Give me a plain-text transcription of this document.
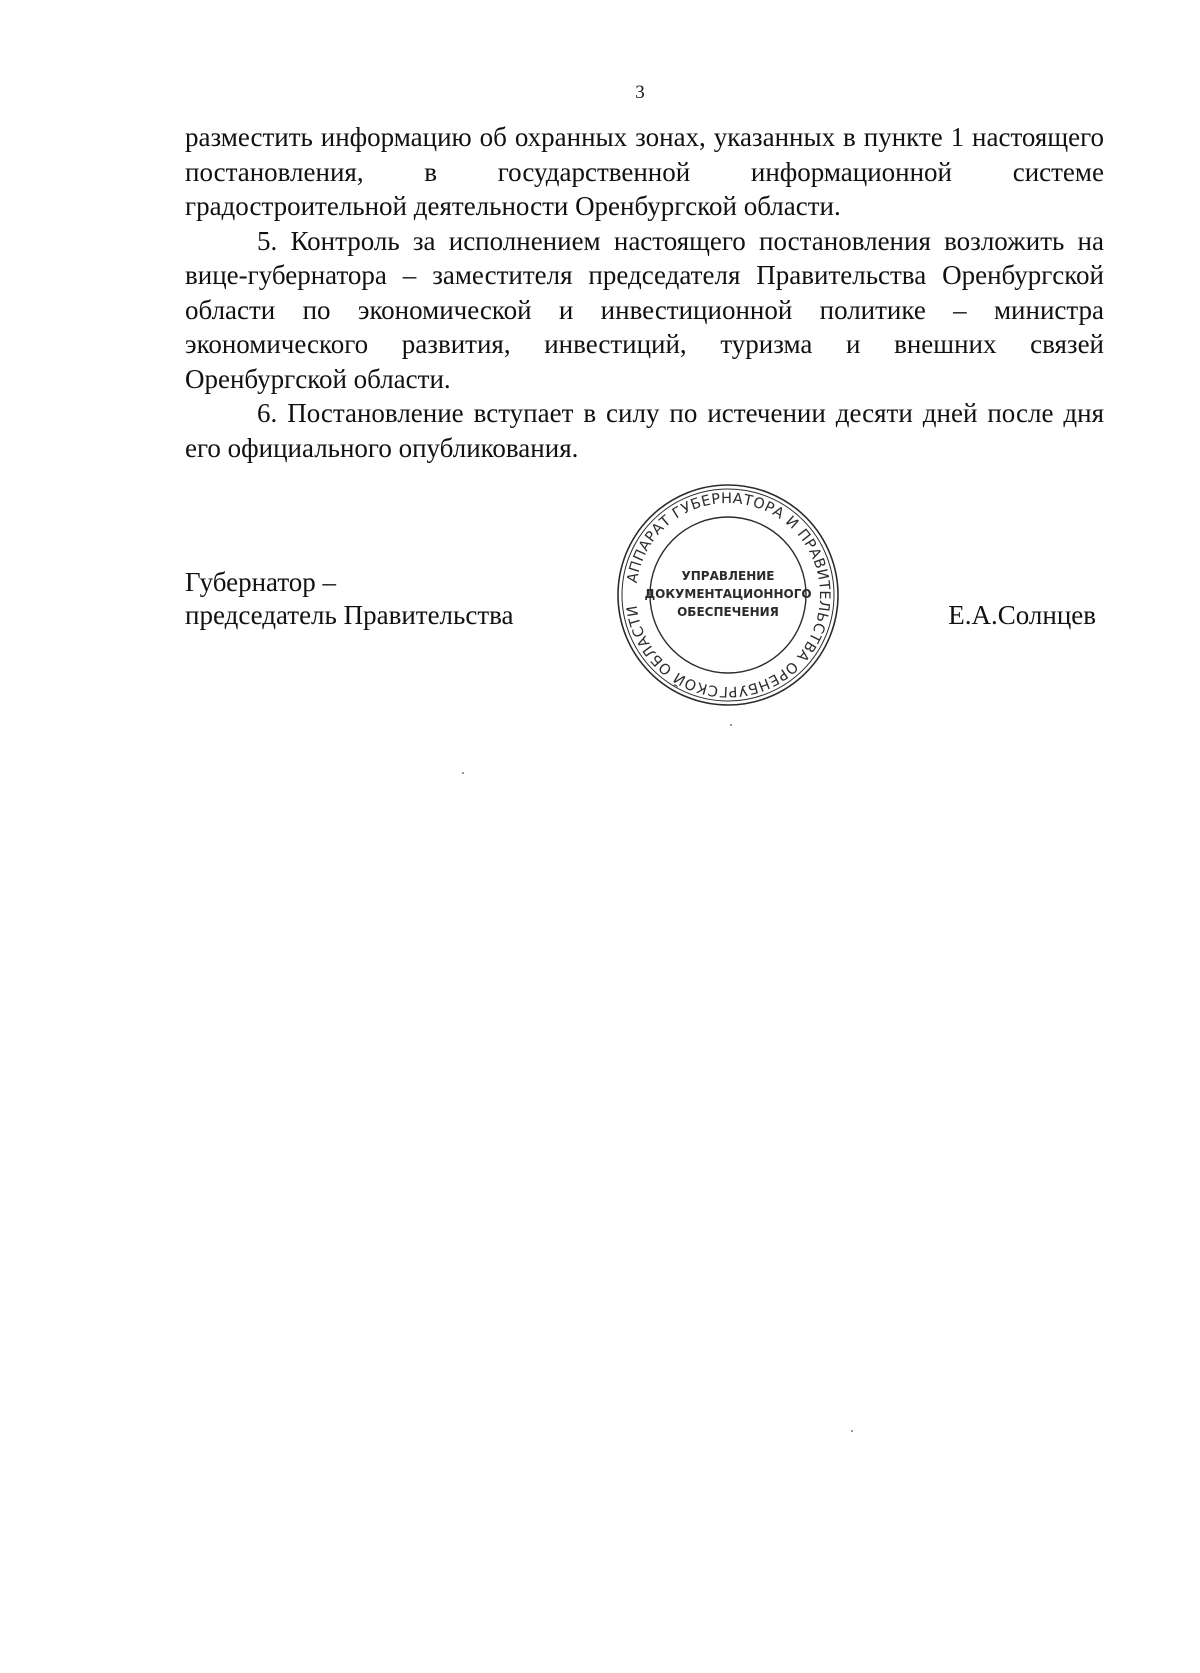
3

разместить информацию об охранных зонах, указанных в пункте 1 настоящего постановления, в государственной информационной системе градостроительной деятельности Оренбургской области.

5. Контроль за исполнением настоящего постановления возложить на вице-губернатора – заместителя председателя Правительства Оренбургской области по экономической и инвестиционной политике – министра экономического развития, инвестиций, туризма и внешних связей Оренбургской области.

6. Постановление вступает в силу по истечении десяти дней после дня его официального опубликования.

Губернатор –
председатель Правительства
АППАРАТ ГУБЕРНАТОРА И ПРАВИТЕЛЬСТВА ОРЕНБУРГСКОЙ ОБЛАСТИ
УПРАВЛЕНИЕ
ДОКУМЕНТАЦИОННОГО
ОБЕСПЕЧЕНИЯ	Е.А.Солнцев
